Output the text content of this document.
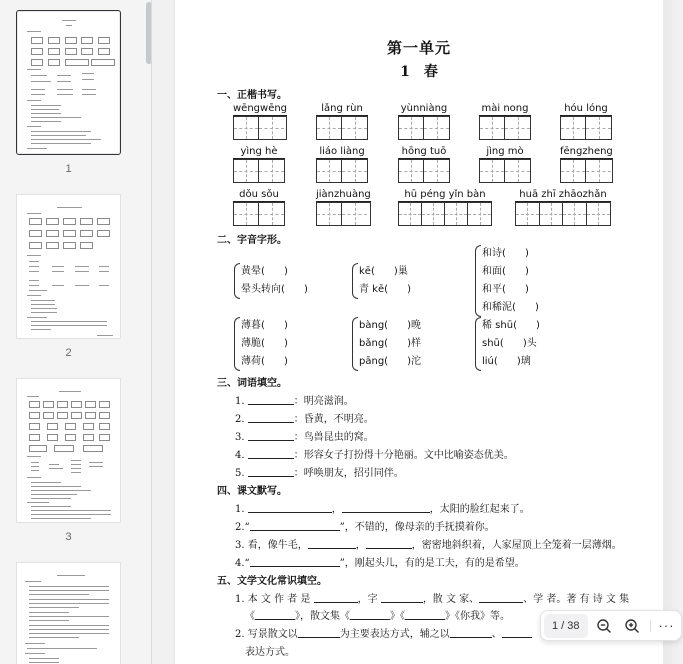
1
2
3
第一单元
1 春
一、正楷书写。
wēngwēng	lǎng rùn	yùnniàng	mài nong	hóu lóng
yìng hè	liáo liàng	hōng tuō	jìng mò	fēngzheng
dǒu sǒu	jiànzhuàng	hū péng yǐn bàn	huā zhī zhāozhǎn
二、字音字形。
黄晕(      )
晕头转向(      )
kē(      )巢
青 kē(      )
和诗(      )
和面(      )
和平(      )
和稀泥(      )
薄暮(      )
薄脆(      )
薄荷(      )
bàng(      )晚
bǎng(      )样
pāng(      )沱
稀 shū(      )
shū(      )头
liú(      )璃
三、词语填空。
1.	：明亮滋润。
2.	：昏黄，不明亮。
3.	：鸟兽昆虫的窝。
4.	：形容女子打扮得十分艳丽。文中比喻姿态优美。
5.	：呼唤朋友，招引同伴。
四、课文默写。
1.	，	，太阳的脸红起来了。
2.“	”，不错的，像母亲的手抚摸着你。
3. 看，像牛毛，	，	，密密地斜织着，人家屋顶上全笼着一层薄烟。
4.“	”，刚起头儿，有的是工夫，有的是希望。
五、文学文化常识填空。
1. 本 文 作 者 是	，字	，散 文 家、	、学 者。著 有 诗 文 集
《	》，散文集《	》《	》《你我》等。
2. 写景散文以	为主要表达方式，辅之以	、
表达方式。
1 / 38	···
